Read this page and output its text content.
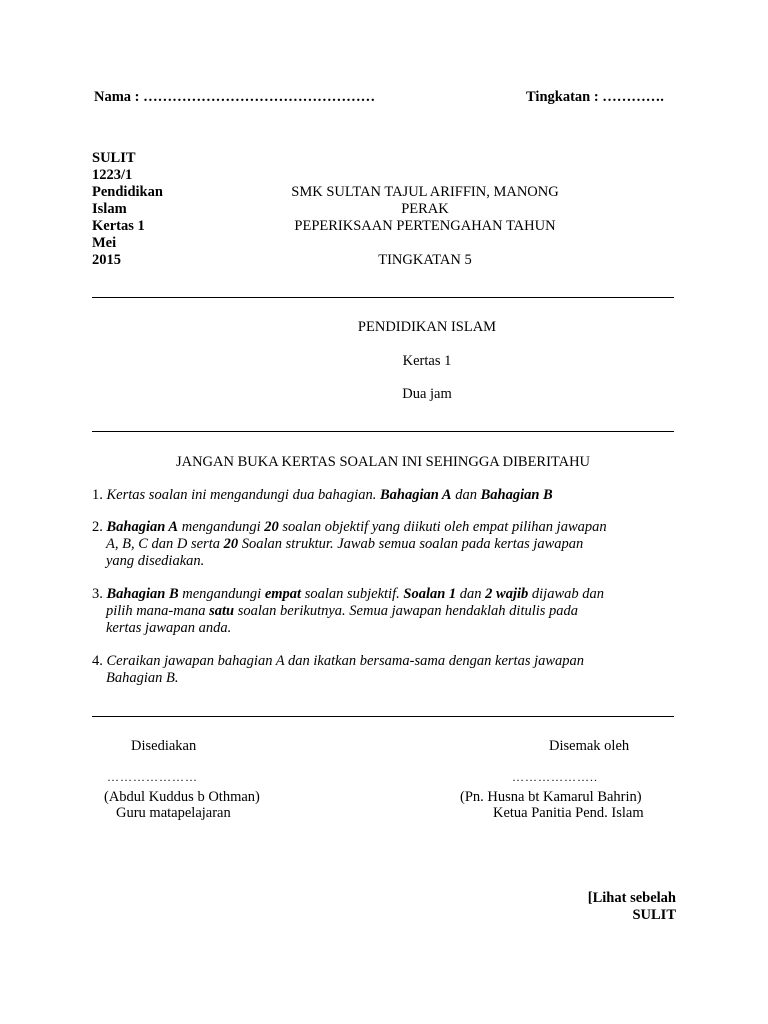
Nama : …………………………………………	Tingkatan : ………….
SULIT
1223/1
Pendidikan
Islam
Kertas 1
Mei
2015
SMK SULTAN TAJUL ARIFFIN, MANONG
PERAK
PEPERIKSAAN PERTENGAHAN TAHUN
TINGKATAN 5
PENDIDIKAN ISLAM
Kertas 1
Dua jam
JANGAN BUKA KERTAS SOALAN INI SEHINGGA DIBERITAHU
1. Kertas soalan ini mengandungi dua bahagian. Bahagian A dan Bahagian B
2. Bahagian A mengandungi 20 soalan objektif yang diikuti oleh empat pilihan jawapan
A, B, C dan D serta 20 Soalan struktur. Jawab semua soalan pada kertas jawapan
yang disediakan.
3. Bahagian B mengandungi empat soalan subjektif. Soalan 1 dan 2 wajib dijawab dan
pilih mana-mana satu soalan berikutnya. Semua jawapan hendaklah ditulis pada
kertas jawapan anda.
4. Ceraikan jawapan bahagian A dan ikatkan bersama-sama dengan kertas jawapan
Bahagian B.
Disediakan
…………………
(Abdul Kuddus b Othman)
Guru matapelajaran
Disemak oleh
………………..
(Pn. Husna bt Kamarul Bahrin)
Ketua Panitia Pend. Islam
[Lihat sebelah
SULIT
